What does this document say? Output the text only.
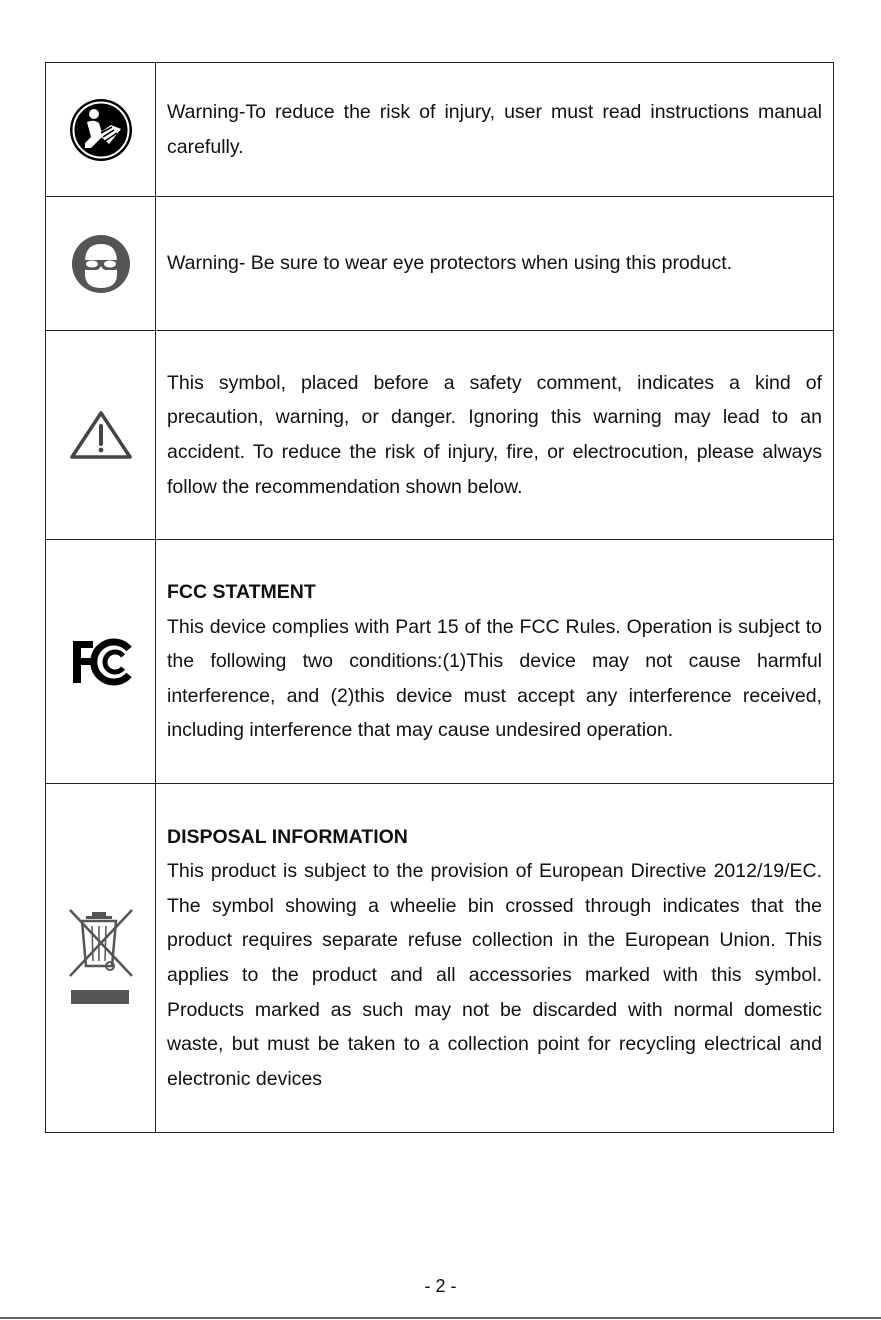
Warning-To reduce the risk of injury, user must read instructions manual carefully.

Warning- Be sure to wear eye protectors when using this product.

This symbol, placed before a safety comment, indicates a kind of precaution, warning, or danger. Ignoring this warning may lead to an accident. To reduce the risk of injury, fire, or electrocution, please always follow the recommendation shown below.

FCC STATMENT

This device complies with Part 15 of the FCC Rules. Operation is subject to the following two conditions:(1)This device may not cause harmful interference, and (2)this device must accept any interference received, including interference that may cause undesired operation.

DISPOSAL INFORMATION

This product is subject to the provision of European Directive 2012/19/EC. The symbol showing a wheelie bin crossed through indicates that the product requires separate refuse collection in the European Union. This applies to the product and all accessories marked with this symbol. Products marked as such may not be discarded with normal domestic waste, but must be taken to a collection point for recycling electrical and electronic devices

- 2 -
